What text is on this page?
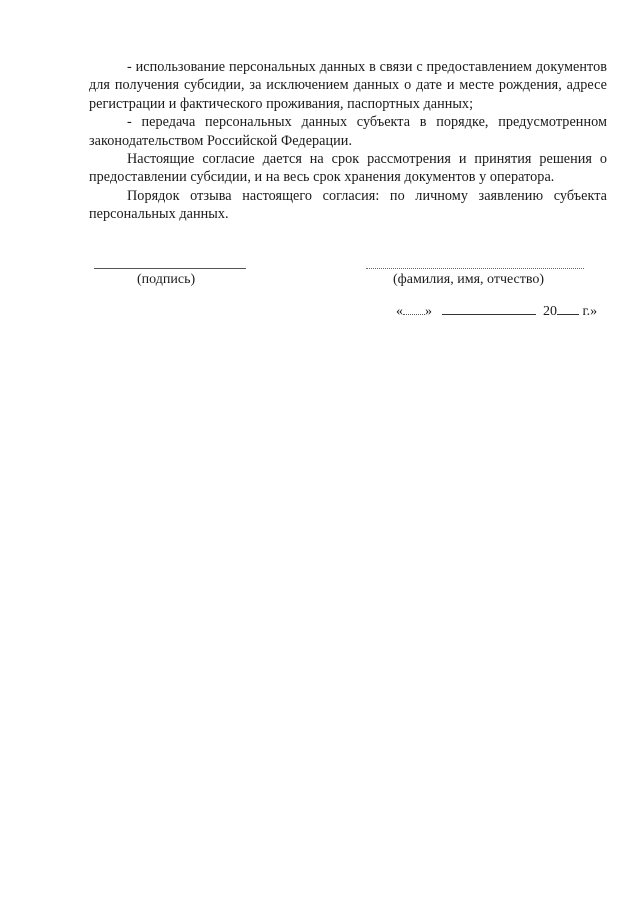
- использование персональных данных в связи с предоставлением документов для получения субсидии, за исключением данных о дате и месте рождения, адресе регистрации и фактического проживания, паспортных данных;

- передача персональных данных субъекта в порядке, предусмотренном законодательством Российской Федерации.

Настоящие согласие дается на срок рассмотрения и принятия решения о предоставлении субсидии, и на весь срок хранения документов у оператора.

Порядок отзыва настоящего согласия: по личному заявлению субъекта персональных данных.

(подпись)	(фамилия, имя, отчество)
« »	20 г.»
